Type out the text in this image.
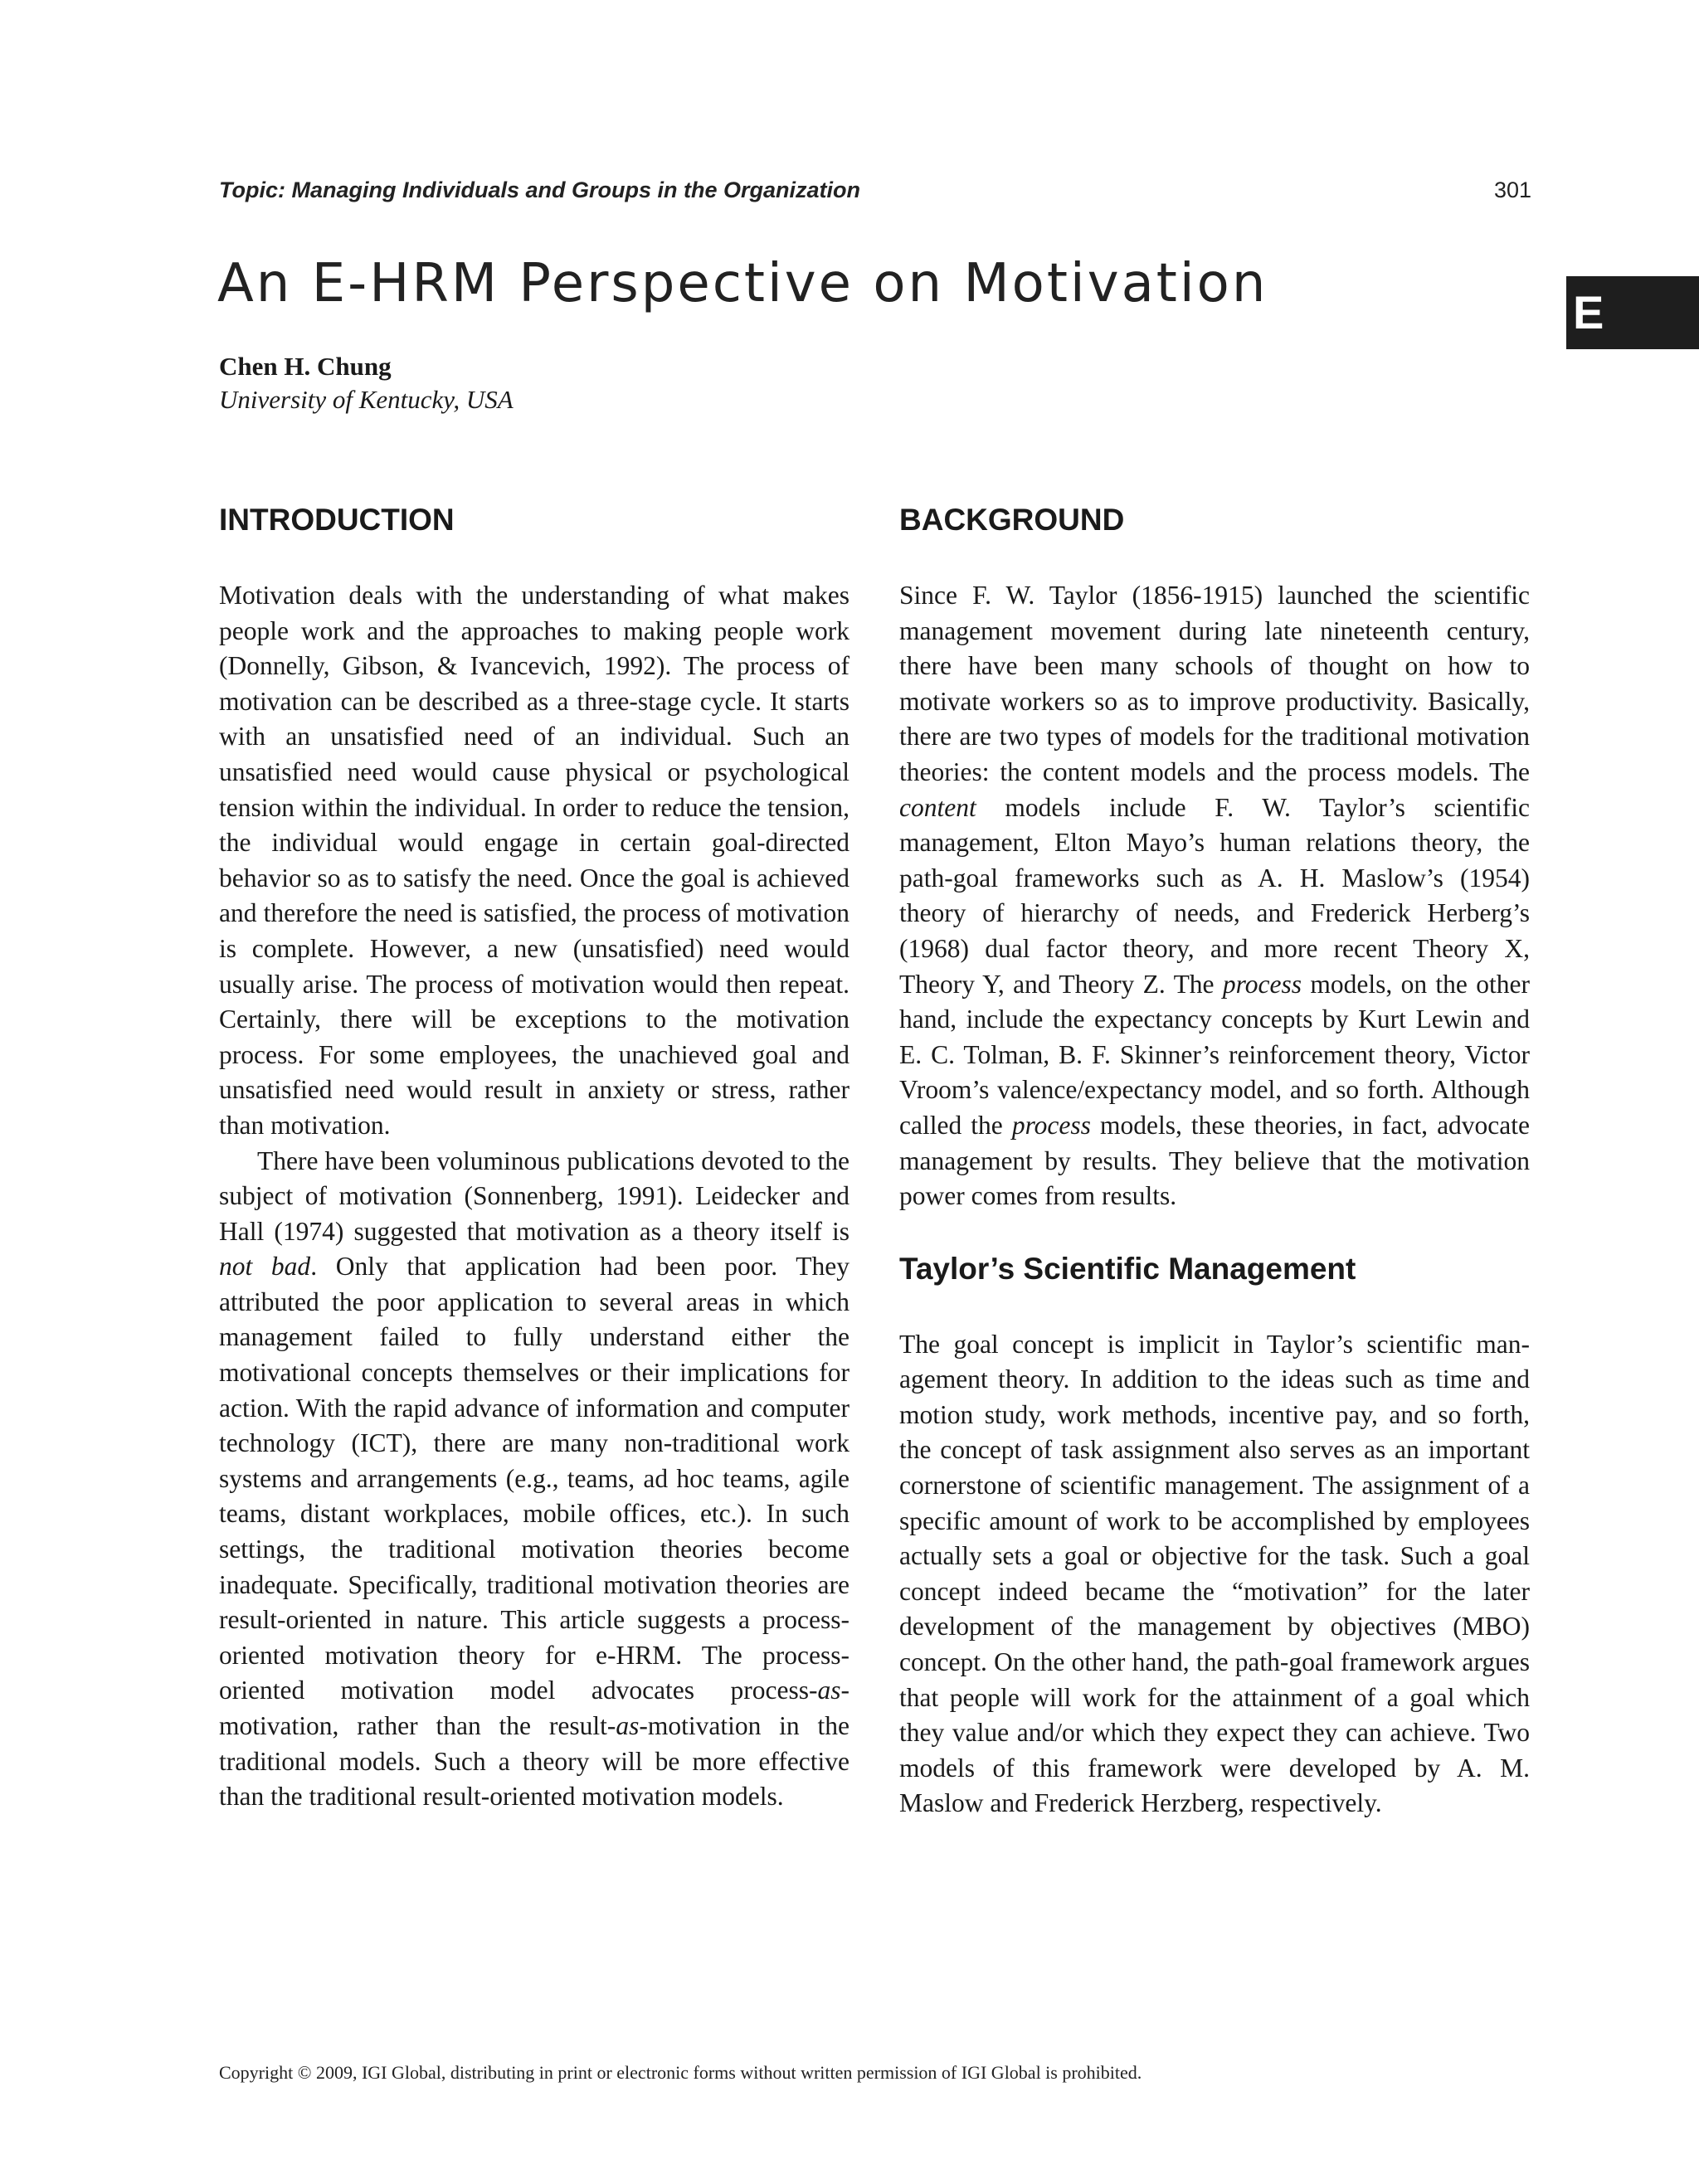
Topic: Managing Individuals and Groups in the Organization	301
An E-HRM Perspective on Motivation	E
Chen H. Chung
University of Kentucky, USA
INTRODUCTION

Motivation deals with the understanding of what makes people work and the approaches to making people work (Donnelly, Gibson, & Ivancevich, 1992). The process of motivation can be described as a three-stage cycle. It starts with an unsatisfied need of an individual. Such an unsatisfied need would cause physical or psychological tension within the individual. In order to reduce the tension, the individual would engage in certain goal-directed behavior so as to satisfy the need. Once the goal is achieved and therefore the need is satisfied, the process of motivation is complete. However, a new (unsatisfied) need would usually arise. The process of motivation would then repeat. Certainly, there will be exceptions to the motivation process. For some employees, the unachieved goal and unsatisfied need would result in anxiety or stress, rather than motivation.

There have been voluminous publications devoted to the subject of motivation (Sonnenberg, 1991). Leidecker and Hall (1974) suggested that motivation as a theory itself is not bad. Only that application had been poor. They attributed the poor application to several areas in which management failed to fully understand either the motivational concepts themselves or their implications for action. With the rapid advance of information and computer technology (ICT), there are many non-traditional work systems and arrangements (e.g., teams, ad hoc teams, agile teams, distant workplaces, mobile offices, etc.). In such settings, the traditional motivation theories become inadequate. Specifically, traditional motivation theories are result-oriented in nature. This article suggests a process-oriented motivation theory for e-HRM. The process-oriented motivation model advocates process-as-motivation, rather than the result-as-motivation in the traditional models. Such a theory will be more effective than the traditional result-oriented motivation models.

BACKGROUND

Since F. W. Taylor (1856-1915) launched the scientific management movement during late nineteenth century, there have been many schools of thought on how to motivate workers so as to improve productivity. Basically, there are two types of models for the traditional motivation theories: the content models and the process models. The content models include F. W. Taylor’s scientific management, Elton Mayo’s human relations theory, the path-goal frameworks such as A. H. Maslow’s (1954) theory of hierarchy of needs, and Frederick Herberg’s (1968) dual factor theory, and more recent Theory X, Theory Y, and Theory Z. The process models, on the other hand, include the expectancy concepts by Kurt Lewin and E. C. Tolman, B. F. Skinner’s reinforcement theory, Victor Vroom’s valence/expectancy model, and so forth. Although called the process models, these theories, in fact, advocate management by results. They believe that the motivation power comes from results.

Taylor’s Scientific Management

The goal concept is implicit in Taylor’s scientific management theory. In addition to the ideas such as time and motion study, work methods, incentive pay, and so forth, the concept of task assignment also serves as an important cornerstone of scientific management. The assignment of a specific amount of work to be accomplished by employees actually sets a goal or objective for the task. Such a goal concept indeed became the “motivation” for the later development of the management by objectives (MBO) concept. On the other hand, the path-goal framework argues that people will work for the attainment of a goal which they value and/or which they expect they can achieve. Two models of this framework were developed by A. M. Maslow and Frederick Herzberg, respectively.

Copyright © 2009, IGI Global, distributing in print or electronic forms without written permission of IGI Global is prohibited.
